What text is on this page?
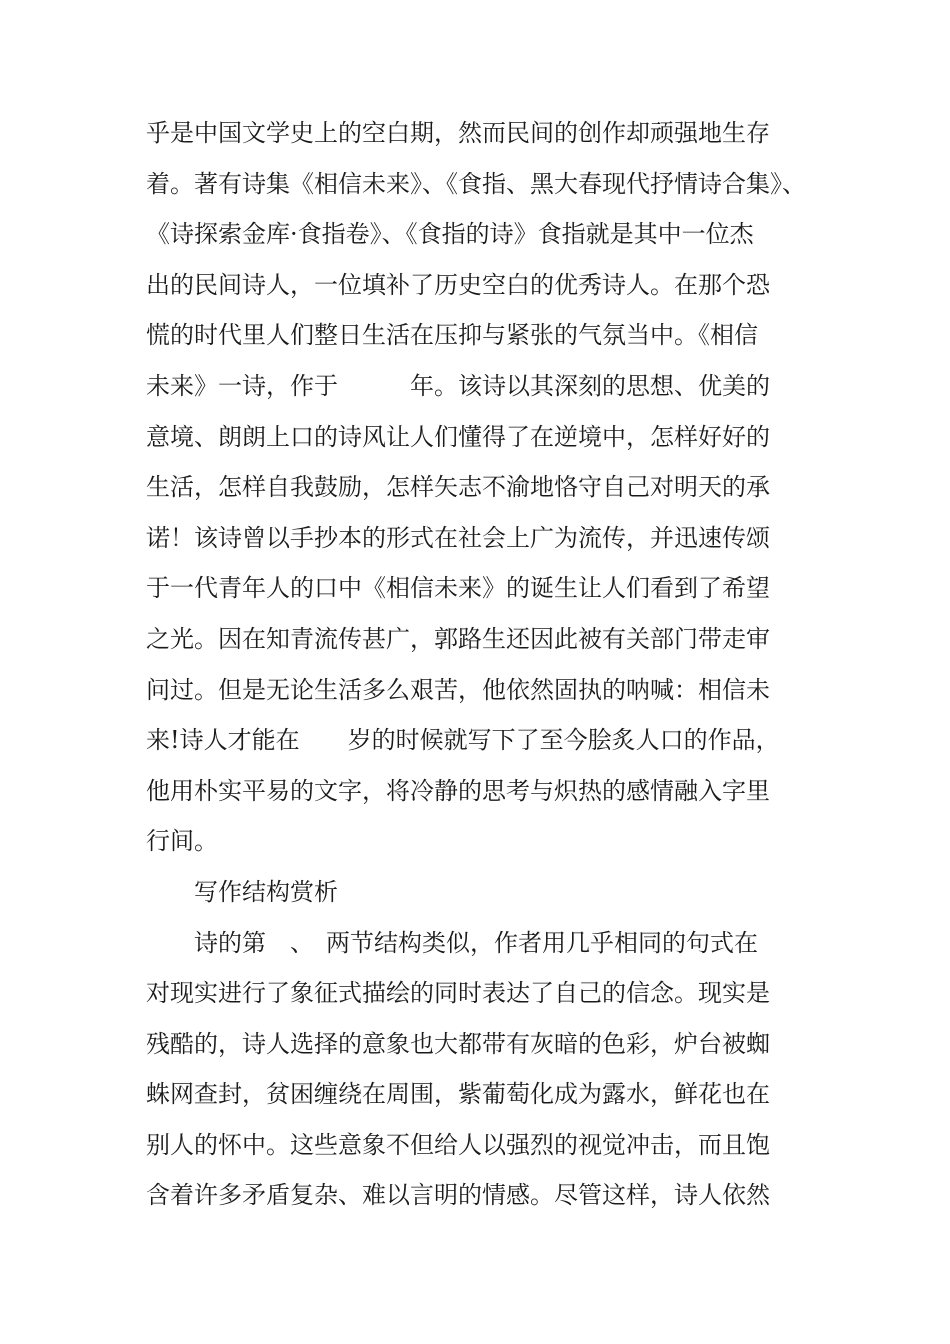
乎是中国文学史上的空白期，然而民间的创作却顽强地生存
着。著有诗集《相信未来》、《食指、黑大春现代抒情诗合集》、
《诗探索金库·食指卷》、《食指的诗》食指就是其中一位杰
出的民间诗人，一位填补了历史空白的优秀诗人。在那个恐
慌的时代里人们整日生活在压抑与紧张的气氛当中。《相信
未来》一诗，作于　　　年。该诗以其深刻的思想、优美的
意境、朗朗上口的诗风让人们懂得了在逆境中，怎样好好的
生活，怎样自我鼓励，怎样矢志不渝地恪守自己对明天的承
诺！该诗曾以手抄本的形式在社会上广为流传，并迅速传颂
于一代青年人的口中《相信未来》的诞生让人们看到了希望
之光。因在知青流传甚广，郭路生还因此被有关部门带走审
问过。但是无论生活多么艰苦，他依然固执的呐喊：相信未
来!诗人才能在　　岁的时候就写下了至今脍炙人口的作品，
他用朴实平易的文字，将冷静的思考与炽热的感情融入字里
行间。
写作结构赏析
诗的第　、　两节结构类似，作者用几乎相同的句式在
对现实进行了象征式描绘的同时表达了自己的信念。现实是
残酷的，诗人选择的意象也大都带有灰暗的色彩，炉台被蜘
蛛网查封，贫困缠绕在周围，紫葡萄化成为露水，鲜花也在
别人的怀中。这些意象不但给人以强烈的视觉冲击，而且饱
含着许多矛盾复杂、难以言明的情感。尽管这样，诗人依然
